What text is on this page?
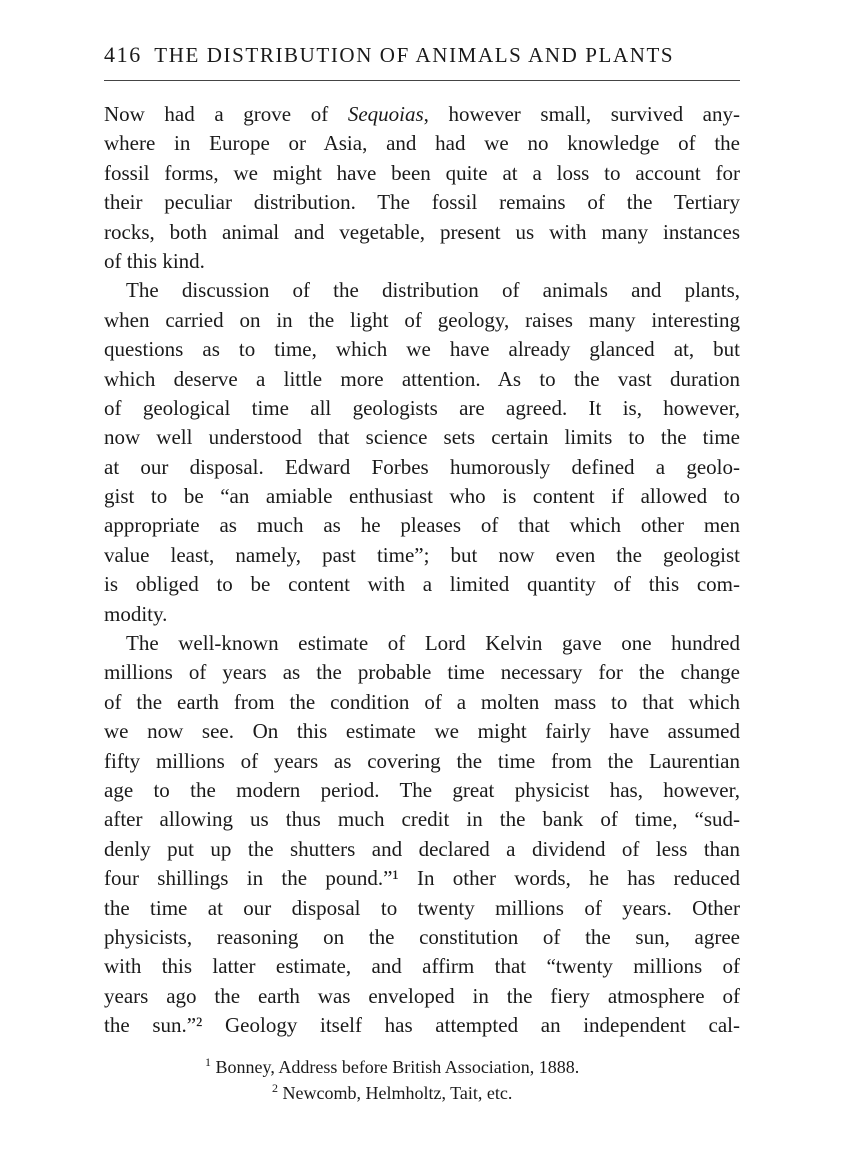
416 THE DISTRIBUTION OF ANIMALS AND PLANTS
Now had a grove of Sequoias, however small, survived any-
where in Europe or Asia, and had we no knowledge of the
fossil forms, we might have been quite at a loss to account for
their peculiar distribution. The fossil remains of the Tertiary
rocks, both animal and vegetable, present us with many instances
of this kind.
The discussion of the distribution of animals and plants,
when carried on in the light of geology, raises many interesting
questions as to time, which we have already glanced at, but
which deserve a little more attention. As to the vast duration
of geological time all geologists are agreed. It is, however,
now well understood that science sets certain limits to the time
at our disposal. Edward Forbes humorously defined a geolo-
gist to be “an amiable enthusiast who is content if allowed to
appropriate as much as he pleases of that which other men
value least, namely, past time”; but now even the geologist
is obliged to be content with a limited quantity of this com-
modity.
The well-known estimate of Lord Kelvin gave one hundred
millions of years as the probable time necessary for the change
of the earth from the condition of a molten mass to that which
we now see. On this estimate we might fairly have assumed
fifty millions of years as covering the time from the Laurentian
age to the modern period. The great physicist has, however,
after allowing us thus much credit in the bank of time, “sud-
denly put up the shutters and declared a dividend of less than
four shillings in the pound.”¹ In other words, he has reduced
the time at our disposal to twenty millions of years. Other
physicists, reasoning on the constitution of the sun, agree
with this latter estimate, and affirm that “twenty millions of
years ago the earth was enveloped in the fiery atmosphere of
the sun.”² Geology itself has attempted an independent cal-
$^1$ Bonney, Address before British Association, 1888.
$^2$ Newcomb, Helmholtz, Tait, etc.
